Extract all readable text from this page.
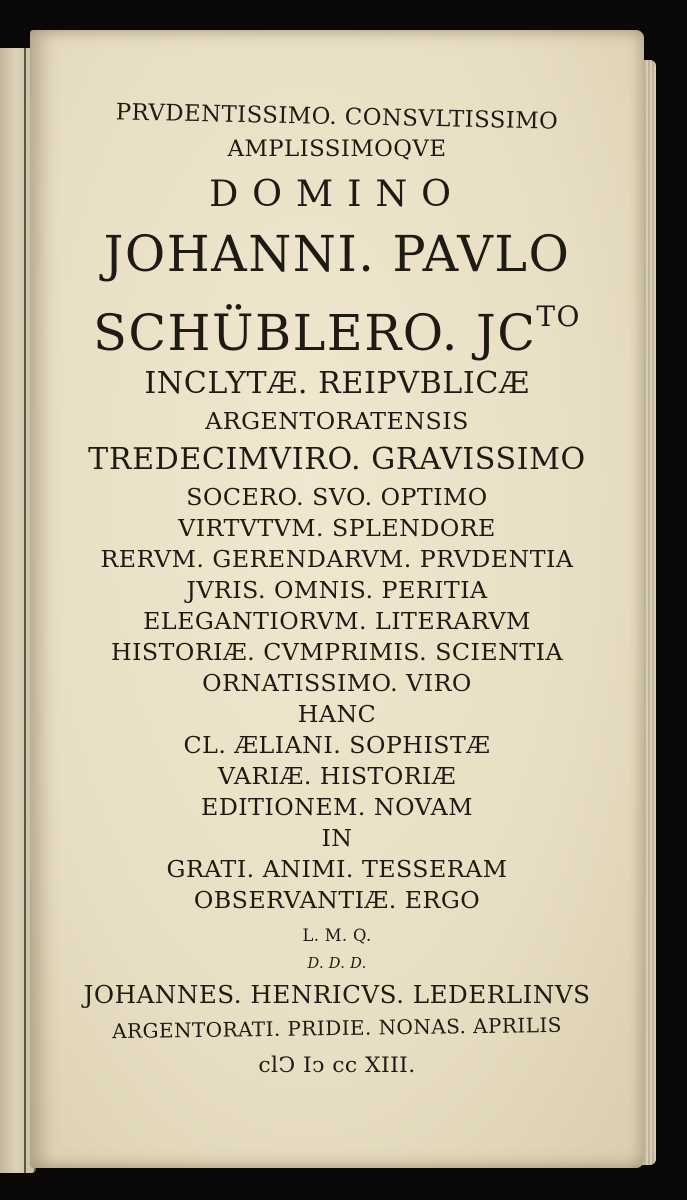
PRVDENTISSIMO. CONSVLTISSIMO
AMPLISSIMOQVE
DOMINO
JOHANNI. PAVLO
SCHÜBLERO. $JC^{TO}$
INCLYTÆ. REIPVBLICÆ
ARGENTORATENSIS
TREDECIMVIRO. GRAVISSIMO
SOCERO. SVO. OPTIMO
VIRTVTVM. SPLENDORE
RERVM. GERENDARVM. PRVDENTIA
JVRIS. OMNIS. PERITIA
ELEGANTIORVM. LITERARVM
HISTORIÆ. CVMPRIMIS. SCIENTIA
ORNATISSIMO. VIRO
HANC
CL. ÆLIANI. SOPHISTÆ
VARIÆ. HISTORIÆ
EDITIONEM. NOVAM
IN
GRATI. ANIMI. TESSERAM
OBSERVANTIÆ. ERGO
L. M. Q.
D. D. D.
JOHANNES. HENRICVS. LEDERLINVS
ARGENTORATI. PRIDIE. NONAS. APRILIS
clↃ Iↄ cc XIII.
